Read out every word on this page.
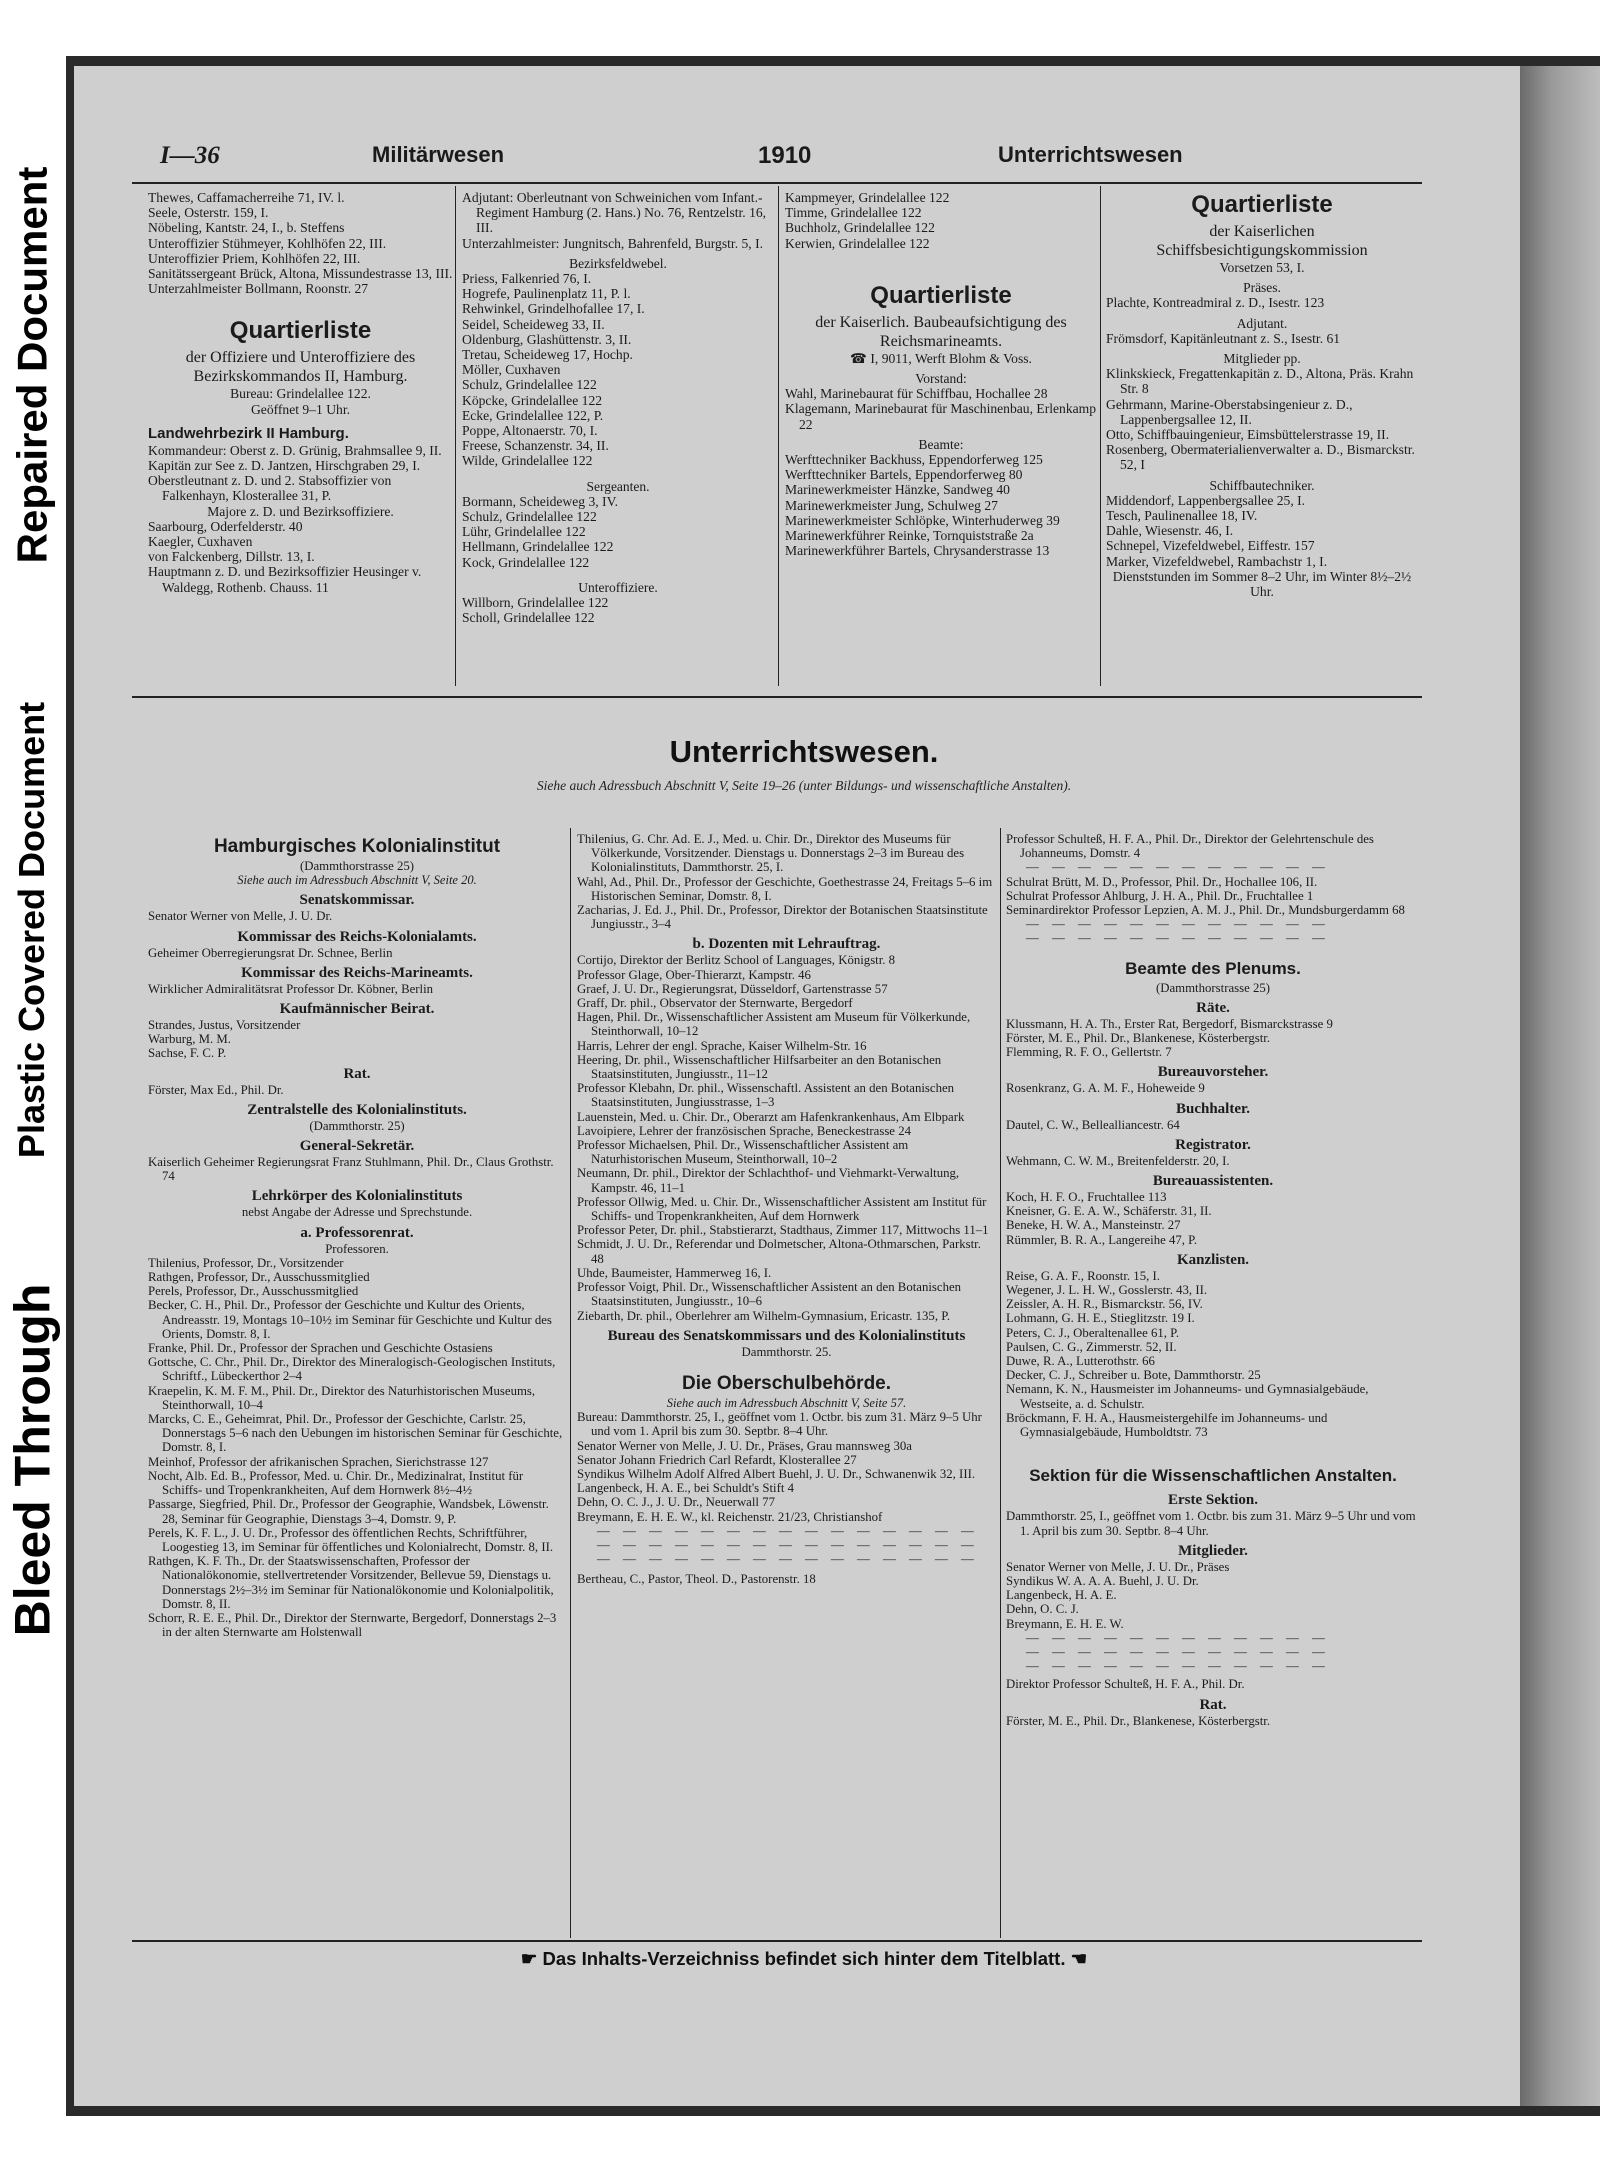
Repaired Document
Plastic Covered Document
Bleed Through
I—36	Militärwesen	1910	Unterrichtswesen

Thewes, Caffamacherreihe 71, IV. l.

Seele, Osterstr. 159, I.

Nöbeling, Kantstr. 24, I., b. Steffens

Unteroffizier Stühmeyer, Kohlhöfen 22, III.

Unteroffizier Priem, Kohlhöfen 22, III.

Sanitätssergeant Brück, Altona, Missundestrasse 13, III.

Unterzahlmeister Bollmann, Roonstr. 27

Quartierliste

der Offiziere und Unteroffiziere des Bezirkskommandos II, Hamburg.

Bureau: Grindelallee 122.

Geöffnet 9–1 Uhr.

Landwehrbezirk II Hamburg.

Kommandeur: Oberst z. D. Grünig, Brahmsallee 9, II.

Kapitän zur See z. D. Jantzen, Hirschgraben 29, I.

Oberstleutnant z. D. und 2. Stabsoffizier von Falkenhayn, Klosterallee 31, P.

Majore z. D. und Bezirksoffiziere.

Saarbourg, Oderfelderstr. 40

Kaegler, Cuxhaven

von Falckenberg, Dillstr. 13, I.

Hauptmann z. D. und Bezirksoffizier Heusinger v. Waldegg, Rothenb. Chauss. 11

Adjutant: Oberleutnant von Schweinichen vom Infant.-Regiment Hamburg (2. Hans.) No. 76, Rentzelstr. 16, III.

Unterzahlmeister: Jungnitsch, Bahrenfeld, Burgstr. 5, I.

Bezirksfeldwebel.

Priess, Falkenried 76, I.

Hogrefe, Paulinenplatz 11, P. l.

Rehwinkel, Grindelhofallee 17, I.

Seidel, Scheideweg 33, II.

Oldenburg, Glashüttenstr. 3, II.

Tretau, Scheideweg 17, Hochp.

Möller, Cuxhaven

Schulz, Grindelallee 122

Köpcke, Grindelallee 122

Ecke, Grindelallee 122, P.

Poppe, Altonaerstr. 70, I.

Freese, Schanzenstr. 34, II.

Wilde, Grindelallee 122

Sergeanten.

Bormann, Scheideweg 3, IV.

Schulz, Grindelallee 122

Lühr, Grindelallee 122

Hellmann, Grindelallee 122

Kock, Grindelallee 122

Unteroffiziere.

Willborn, Grindelallee 122

Scholl, Grindelallee 122

Kampmeyer, Grindelallee 122

Timme, Grindelallee 122

Buchholz, Grindelallee 122

Kerwien, Grindelallee 122

Quartierliste

der Kaiserlich. Baubeaufsichtigung des Reichsmarineamts.

☎ I, 9011, Werft Blohm & Voss.

Vorstand:

Wahl, Marinebaurat für Schiffbau, Hochallee 28

Klagemann, Marinebaurat für Maschinenbau, Erlenkamp 22

Beamte:

Werfttechniker Backhuss, Eppendorferweg 125

Werfttechniker Bartels, Eppendorferweg 80

Marinewerkmeister Hänzke, Sandweg 40

Marinewerkmeister Jung, Schulweg 27

Marinewerkmeister Schlöpke, Winterhuderweg 39

Marinewerkführer Reinke, Tornquiststraße 2a

Marinewerkführer Bartels, Chrysanderstrasse 13

Quartierliste

der Kaiserlichen Schiffsbesichtigungskommission

Vorsetzen 53, I.

Präses.

Plachte, Kontreadmiral z. D., Isestr. 123

Adjutant.

Frömsdorf, Kapitänleutnant z. S., Isestr. 61

Mitglieder pp.

Klinkskieck, Fregattenkapitän z. D., Altona, Präs. Krahn Str. 8

Gehrmann, Marine-Oberstabsingenieur z. D., Lappenbergsallee 12, II.

Otto, Schiffbauingenieur, Eimsbüttelerstrasse 19, II.

Rosenberg, Obermaterialienverwalter a. D., Bismarckstr. 52, I

Schiffbautechniker.

Middendorf, Lappenbergsallee 25, I.

Tesch, Paulinenallee 18, IV.

Dahle, Wiesenstr. 46, I.

Schnepel, Vizefeldwebel, Eiffestr. 157

Marker, Vizefeldwebel, Rambachstr 1, I.

Dienststunden im Sommer 8–2 Uhr, im Winter 8½–2½ Uhr.

Unterrichtswesen.
Siehe auch Adressbuch Abschnitt V, Seite 19–26 (unter Bildungs- und wissenschaftliche Anstalten).

Hamburgisches Kolonialinstitut

(Dammthorstrasse 25)

Siehe auch im Adressbuch Abschnitt V, Seite 20.

Senatskommissar.

Senator Werner von Melle, J. U. Dr.

Kommissar des Reichs-Kolonialamts.

Geheimer Oberregierungsrat Dr. Schnee, Berlin

Kommissar des Reichs-Marineamts.

Wirklicher Admiralitätsrat Professor Dr. Köbner, Berlin

Kaufmännischer Beirat.

Strandes, Justus, Vorsitzender

Warburg, M. M.

Sachse, F. C. P.

Rat.

Förster, Max Ed., Phil. Dr.

Zentralstelle des Kolonialinstituts.

(Dammthorstr. 25)

General-Sekretär.

Kaiserlich Geheimer Regierungsrat Franz Stuhlmann, Phil. Dr., Claus Grothstr. 74

Lehrkörper des Kolonialinstituts

nebst Angabe der Adresse und Sprechstunde.

a. Professorenrat.

Professoren.

Thilenius, Professor, Dr., Vorsitzender

Rathgen, Professor, Dr., Ausschussmitglied

Perels, Professor, Dr., Ausschussmitglied

Becker, C. H., Phil. Dr., Professor der Geschichte und Kultur des Orients, Andreasstr. 19, Montags 10–10½ im Seminar für Geschichte und Kultur des Orients, Domstr. 8, I.

Franke, Phil. Dr., Professor der Sprachen und Geschichte Ostasiens

Gottsche, C. Chr., Phil. Dr., Direktor des Mineralogisch-Geologischen Instituts, Schriftf., Lübeckerthor 2–4

Kraepelin, K. M. F. M., Phil. Dr., Direktor des Naturhistorischen Museums, Steinthorwall, 10–4

Marcks, C. E., Geheimrat, Phil. Dr., Professor der Geschichte, Carlstr. 25, Donnerstags 5–6 nach den Uebungen im historischen Seminar für Geschichte, Domstr. 8, I.

Meinhof, Professor der afrikanischen Sprachen, Sierichstrasse 127

Nocht, Alb. Ed. B., Professor, Med. u. Chir. Dr., Medizinalrat, Institut für Schiffs- und Tropenkrankheiten, Auf dem Hornwerk 8½–4½

Passarge, Siegfried, Phil. Dr., Professor der Geographie, Wandsbek, Löwenstr. 28, Seminar für Geographie, Dienstags 3–4, Domstr. 9, P.

Perels, K. F. L., J. U. Dr., Professor des öffentlichen Rechts, Schriftführer, Loogestieg 13, im Seminar für öffentliches und Kolonialrecht, Domstr. 8, II.

Rathgen, K. F. Th., Dr. der Staatswissenschaften, Professor der Nationalökonomie, stellvertretender Vorsitzender, Bellevue 59, Dienstags u. Donnerstags 2½–3½ im Seminar für Nationalökonomie und Kolonialpolitik, Domstr. 8, II.

Schorr, R. E. E., Phil. Dr., Direktor der Sternwarte, Bergedorf, Donnerstags 2–3 in der alten Sternwarte am Holstenwall

Thilenius, G. Chr. Ad. E. J., Med. u. Chir. Dr., Direktor des Museums für Völkerkunde, Vorsitzender. Dienstags u. Donnerstags 2–3 im Bureau des Kolonialinstituts, Dammthorstr. 25, I.

Wahl, Ad., Phil. Dr., Professor der Geschichte, Goethestrasse 24, Freitags 5–6 im Historischen Seminar, Domstr. 8, I.

Zacharias, J. Ed. J., Phil. Dr., Professor, Direktor der Botanischen Staatsinstitute Jungiusstr., 3–4

b. Dozenten mit Lehrauftrag.

Cortijo, Direktor der Berlitz School of Languages, Königstr. 8

Professor Glage, Ober-Thierarzt, Kampstr. 46

Graef, J. U. Dr., Regierungsrat, Düsseldorf, Gartenstrasse 57

Graff, Dr. phil., Observator der Sternwarte, Bergedorf

Hagen, Phil. Dr., Wissenschaftlicher Assistent am Museum für Völkerkunde, Steinthorwall, 10–12

Harris, Lehrer der engl. Sprache, Kaiser Wilhelm-Str. 16

Heering, Dr. phil., Wissenschaftlicher Hilfsarbeiter an den Botanischen Staatsinstituten, Jungiusstr., 11–12

Professor Klebahn, Dr. phil., Wissenschaftl. Assistent an den Botanischen Staatsinstituten, Jungiusstrasse, 1–3

Lauenstein, Med. u. Chir. Dr., Oberarzt am Hafenkrankenhaus, Am Elbpark

Lavoipiere, Lehrer der französischen Sprache, Beneckestrasse 24

Professor Michaelsen, Phil. Dr., Wissenschaftlicher Assistent am Naturhistorischen Museum, Steinthorwall, 10–2

Neumann, Dr. phil., Direktor der Schlachthof- und Viehmarkt-Verwaltung, Kampstr. 46, 11–1

Professor Ollwig, Med. u. Chir. Dr., Wissenschaftlicher Assistent am Institut für Schiffs- und Tropenkrankheiten, Auf dem Hornwerk

Professor Peter, Dr. phil., Stabstierarzt, Stadthaus, Zimmer 117, Mittwochs 11–1

Schmidt, J. U. Dr., Referendar und Dolmetscher, Altona-Othmarschen, Parkstr. 48

Uhde, Baumeister, Hammerweg 16, I.

Professor Voigt, Phil. Dr., Wissenschaftlicher Assistent an den Botanischen Staatsinstituten, Jungiusstr., 10–6

Ziebarth, Dr. phil., Oberlehrer am Wilhelm-Gymnasium, Ericastr. 135, P.

Bureau des Senatskommissars und des Kolonialinstituts

Dammthorstr. 25.

Die Oberschulbehörde.

Siehe auch im Adressbuch Abschnitt V, Seite 57.

Bureau: Dammthorstr. 25, I., geöffnet vom 1. Octbr. bis zum 31. März 9–5 Uhr und vom 1. April bis zum 30. Septbr. 8–4 Uhr.

Senator Werner von Melle, J. U. Dr., Präses, Grau mannsweg 30a

Senator Johann Friedrich Carl Refardt, Klosterallee 27

Syndikus Wilhelm Adolf Alfred Albert Buehl, J. U. Dr., Schwanenwik 32, III.

Langenbeck, H. A. E., bei Schuldt's Stift 4

Dehn, O. C. J., J. U. Dr., Neuerwall 77

Breymann, E. H. E. W., kl. Reichenstr. 21/23, Christianshof

— — — — — — — — — — — — — — —

— — — — — — — — — — — — — — —

— — — — — — — — — — — — — — —

Bertheau, C., Pastor, Theol. D., Pastorenstr. 18

Professor Schulteß, H. F. A., Phil. Dr., Direktor der Gelehrtenschule des Johanneums, Domstr. 4

— — — — — — — — — — — —

Schulrat Brütt, M. D., Professor, Phil. Dr., Hochallee 106, II.

Schulrat Professor Ahlburg, J. H. A., Phil. Dr., Fruchtallee 1

Seminardirektor Professor Lepzien, A. M. J., Phil. Dr., Mundsburgerdamm 68

— — — — — — — — — — — —

— — — — — — — — — — — —

Beamte des Plenums.

(Dammthorstrasse 25)

Räte.

Klussmann, H. A. Th., Erster Rat, Bergedorf, Bismarckstrasse 9

Förster, M. E., Phil. Dr., Blankenese, Kösterbergstr.

Flemming, R. F. O., Gellertstr. 7

Bureauvorsteher.

Rosenkranz, G. A. M. F., Hoheweide 9

Buchhalter.

Dautel, C. W., Bellealliancestr. 64

Registrator.

Wehmann, C. W. M., Breitenfelderstr. 20, I.

Bureauassistenten.

Koch, H. F. O., Fruchtallee 113

Kneisner, G. E. A. W., Schäferstr. 31, II.

Beneke, H. W. A., Mansteinstr. 27

Rümmler, B. R. A., Langereihe 47, P.

Kanzlisten.

Reise, G. A. F., Roonstr. 15, I.

Wegener, J. L. H. W., Gosslerstr. 43, II.

Zeissler, A. H. R., Bismarckstr. 56, IV.

Lohmann, G. H. E., Stieglitzstr. 19 I.

Peters, C. J., Oberaltenallee 61, P.

Paulsen, C. G., Zimmerstr. 52, II.

Duwe, R. A., Lutterothstr. 66

Decker, C. J., Schreiber u. Bote, Dammthorstr. 25

Nemann, K. N., Hausmeister im Johanneums- und Gymnasialgebäude, Westseite, a. d. Schulstr.

Bröckmann, F. H. A., Hausmeistergehilfe im Johanneums- und Gymnasialgebäude, Humboldtstr. 73

Sektion für die Wissenschaftlichen Anstalten.

Erste Sektion.

Dammthorstr. 25, I., geöffnet vom 1. Octbr. bis zum 31. März 9–5 Uhr und vom 1. April bis zum 30. Septbr. 8–4 Uhr.

Mitglieder.

Senator Werner von Melle, J. U. Dr., Präses

Syndikus W. A. A. A. Buehl, J. U. Dr.

Langenbeck, H. A. E.

Dehn, O. C. J.

Breymann, E. H. E. W.

— — — — — — — — — — — —

— — — — — — — — — — — —

— — — — — — — — — — — —

Direktor Professor Schulteß, H. F. A., Phil. Dr.

Rat.

Förster, M. E., Phil. Dr., Blankenese, Kösterbergstr.

☛ Das Inhalts-Verzeichniss befindet sich hinter dem Titelblatt. ☚
